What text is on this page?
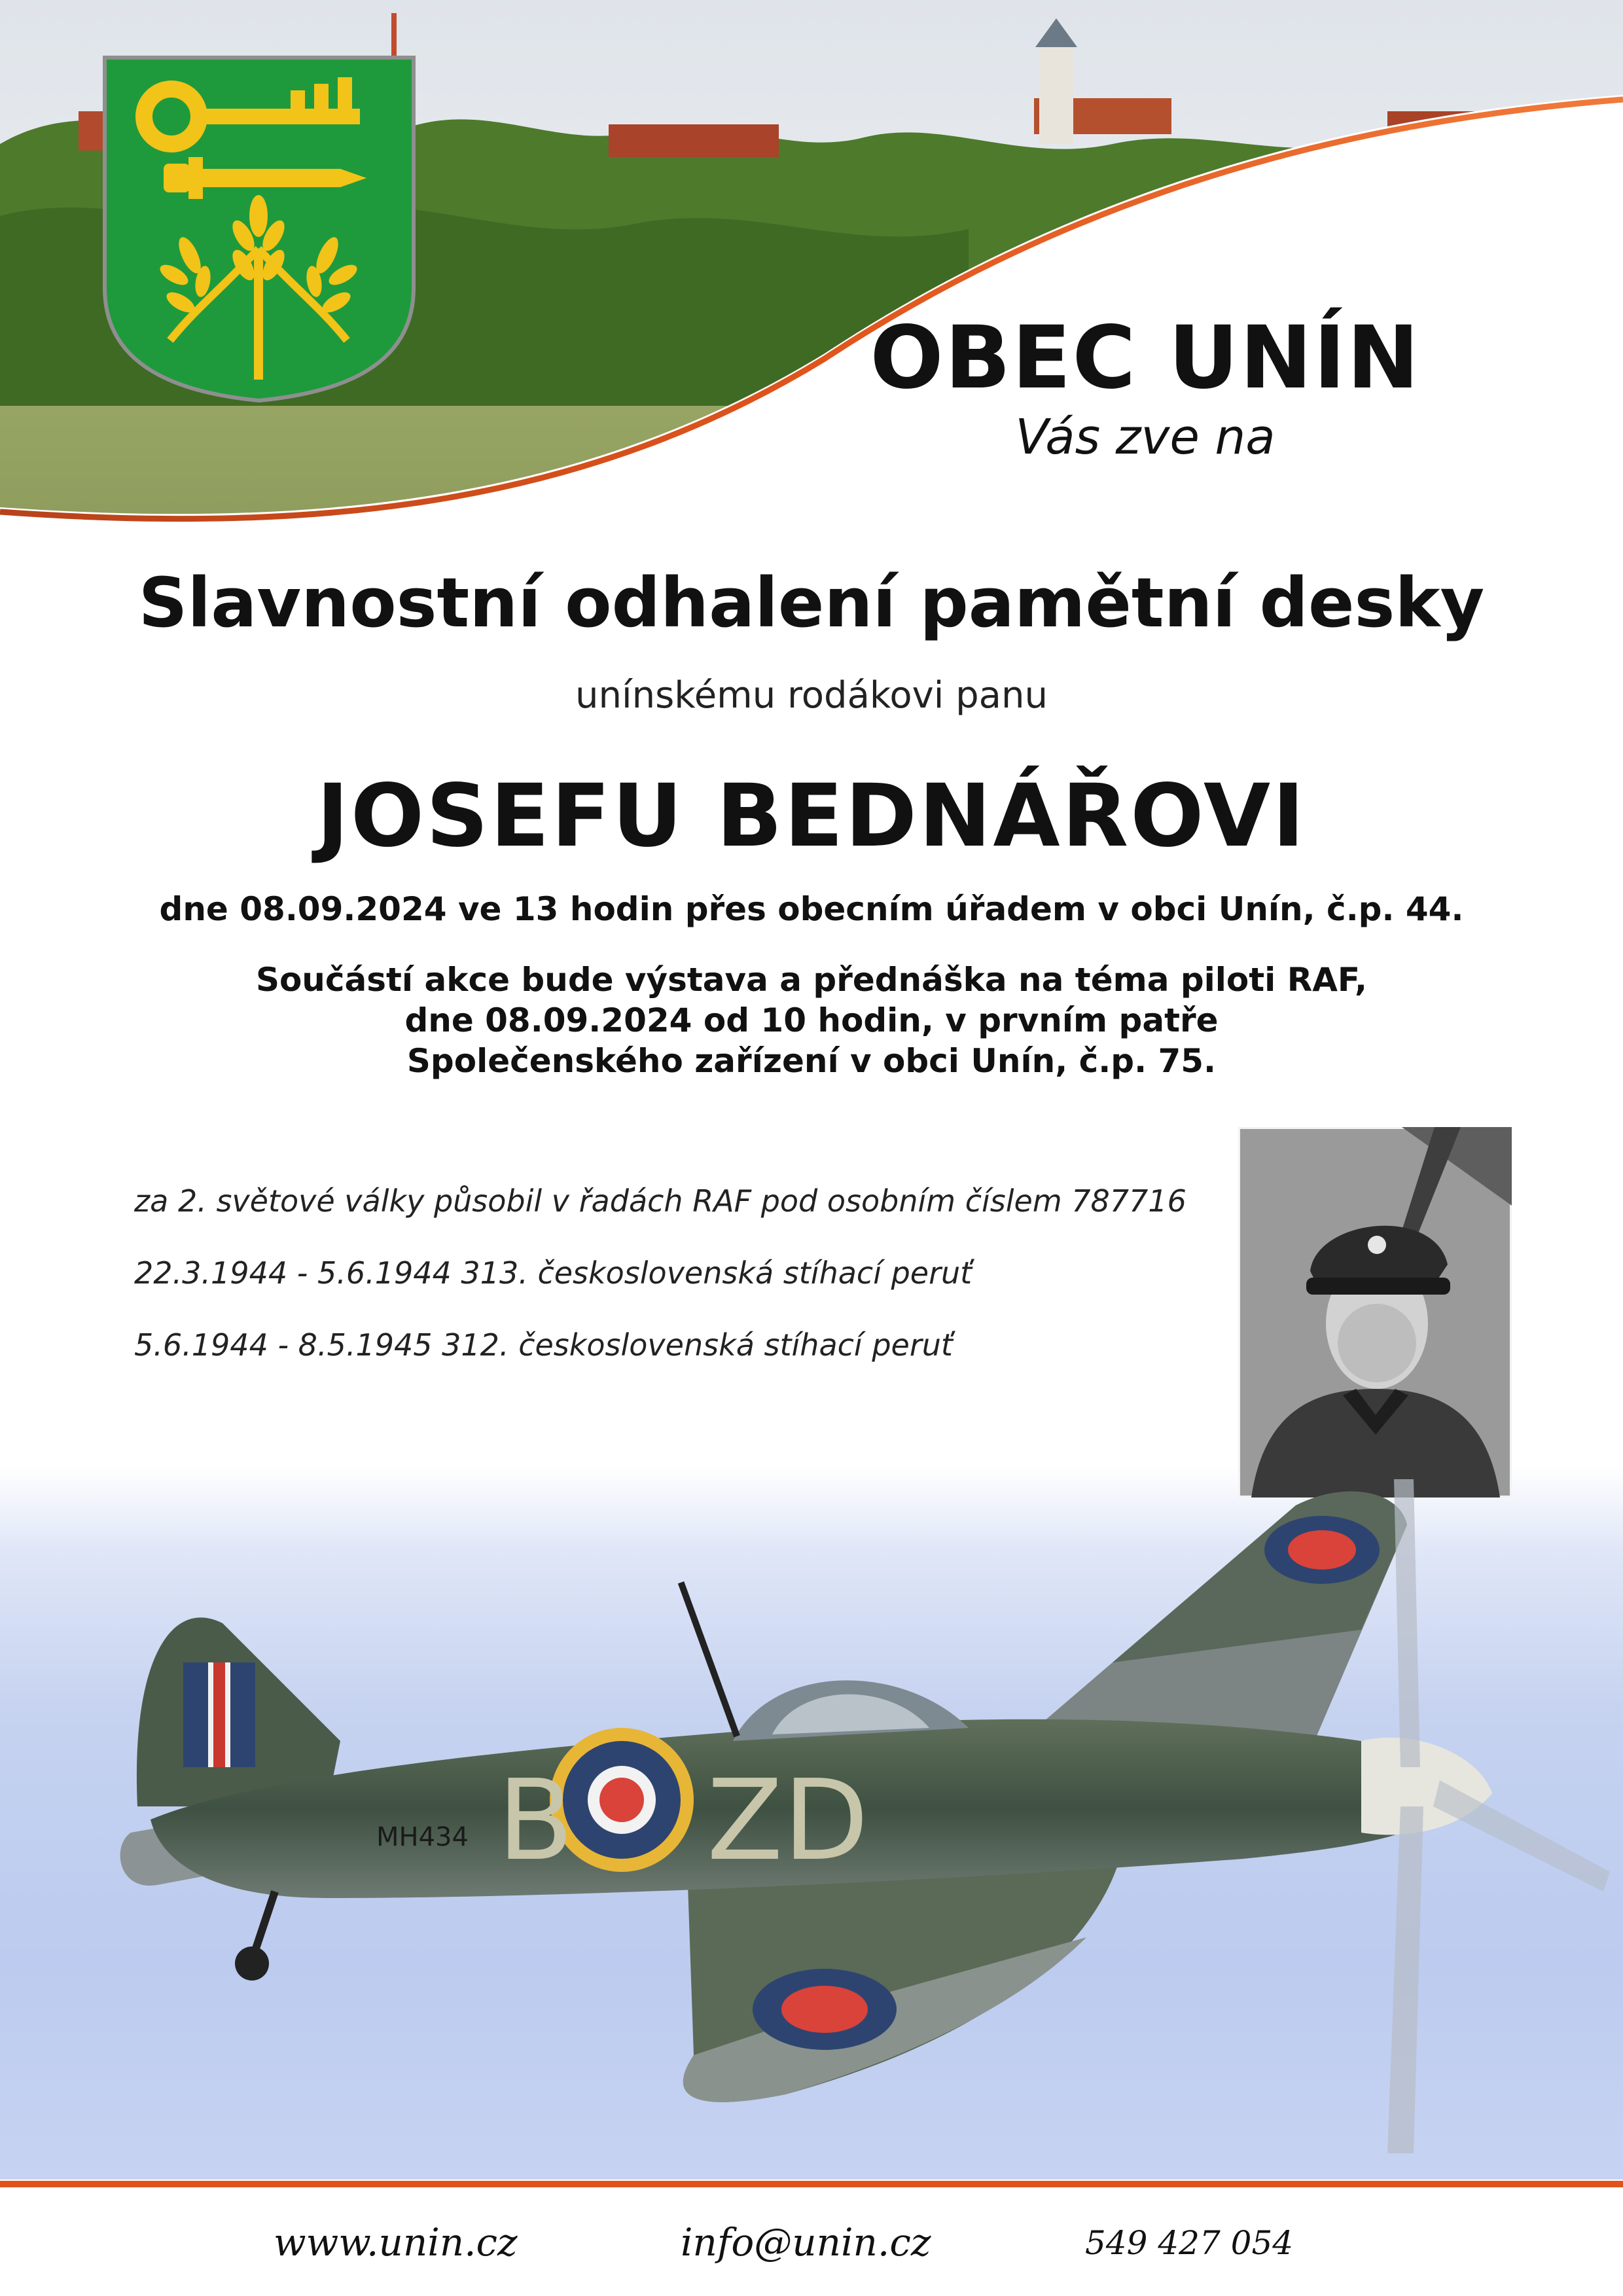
OBEC UNÍN
Vás zve na
Slavnostní odhalení pamětní desky
unínskému rodákovi panu
JOSEFU BEDNÁŘOVI
dne 08.09.2024 ve 13 hodin přes obecním úřadem v obci Unín, č.p. 44.
Součástí akce bude výstava a přednáška na téma piloti RAF,
dne 08.09.2024 od 10 hodin, v prvním patře
Společenského zařízení v obci Unín, č.p. 75.
za 2. světové války působil v řadách RAF pod osobním číslem 787716
22.3.1944 - 5.6.1944 313. československá stíhací peruť
5.6.1944 - 8.5.1945 312. československá stíhací peruť
B ZD
MH434
www.unin.cz	info@unin.cz	549 427 054
